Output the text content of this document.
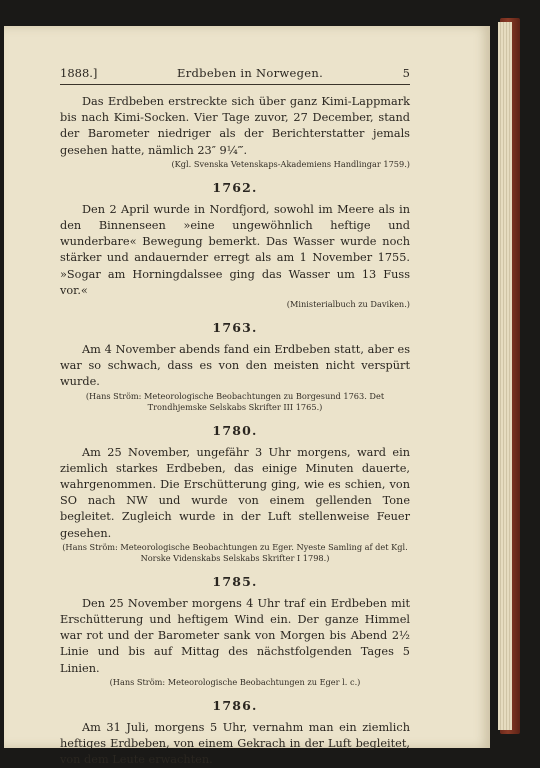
1888.]	Erdbeben in Norwegen.	5

Das Erdbeben erstreckte sich über ganz Kimi-Lappmark bis nach Kimi-Socken. Vier Tage zuvor, 27 December, stand der Barometer niedriger als der Berichterstatter jemals gesehen hatte, nämlich 23″ 9¼‴.

(Kgl. Svenska Vetenskaps-Akademiens Handlingar 1759.)
1762.

Den 2 April wurde in Nordfjord, sowohl im Meere als in den Binnenseen »eine ungewöhnlich heftige und wunderbare« Bewegung bemerkt. Das Wasser wurde noch stärker und andauernder erregt als am 1 November 1755. »Sogar am Horningdalssee ging das Wasser um 13 Fuss vor.«

(Ministerialbuch zu Daviken.)
1763.

Am 4 November abends fand ein Erdbeben statt, aber es war so schwach, dass es von den meisten nicht verspürt wurde.

(Hans Ström: Meteorologische Beobachtungen zu Borgesund 1763. Det Trondhjemske Selskabs Skrifter III 1765.)
1780.

Am 25 November, ungefähr 3 Uhr morgens, ward ein ziemlich starkes Erdbeben, das einige Minuten dauerte, wahrgenommen. Die Erschütterung ging, wie es schien, von SO nach NW und wurde von einem gellenden Tone begleitet. Zugleich wurde in der Luft stellenweise Feuer gesehen.

(Hans Ström: Meteorologische Beobachtungen zu Eger. Nyeste Samling af det Kgl. Norske Videnskabs Selskabs Skrifter I 1798.)
1785.

Den 25 November morgens 4 Uhr traf ein Erdbeben mit Erschütterung und heftigem Wind ein. Der ganze Himmel war rot und der Barometer sank von Morgen bis Abend 2½ Linie und bis auf Mittag des nächstfolgenden Tages 5 Linien.

(Hans Ström: Meteorologische Beobachtungen zu Eger l. c.)
1786.

Am 31 Juli, morgens 5 Uhr, vernahm man ein ziemlich heftiges Erdbeben, von einem Gekrach in der Luft begleitet, von dem Leute erwachten.
